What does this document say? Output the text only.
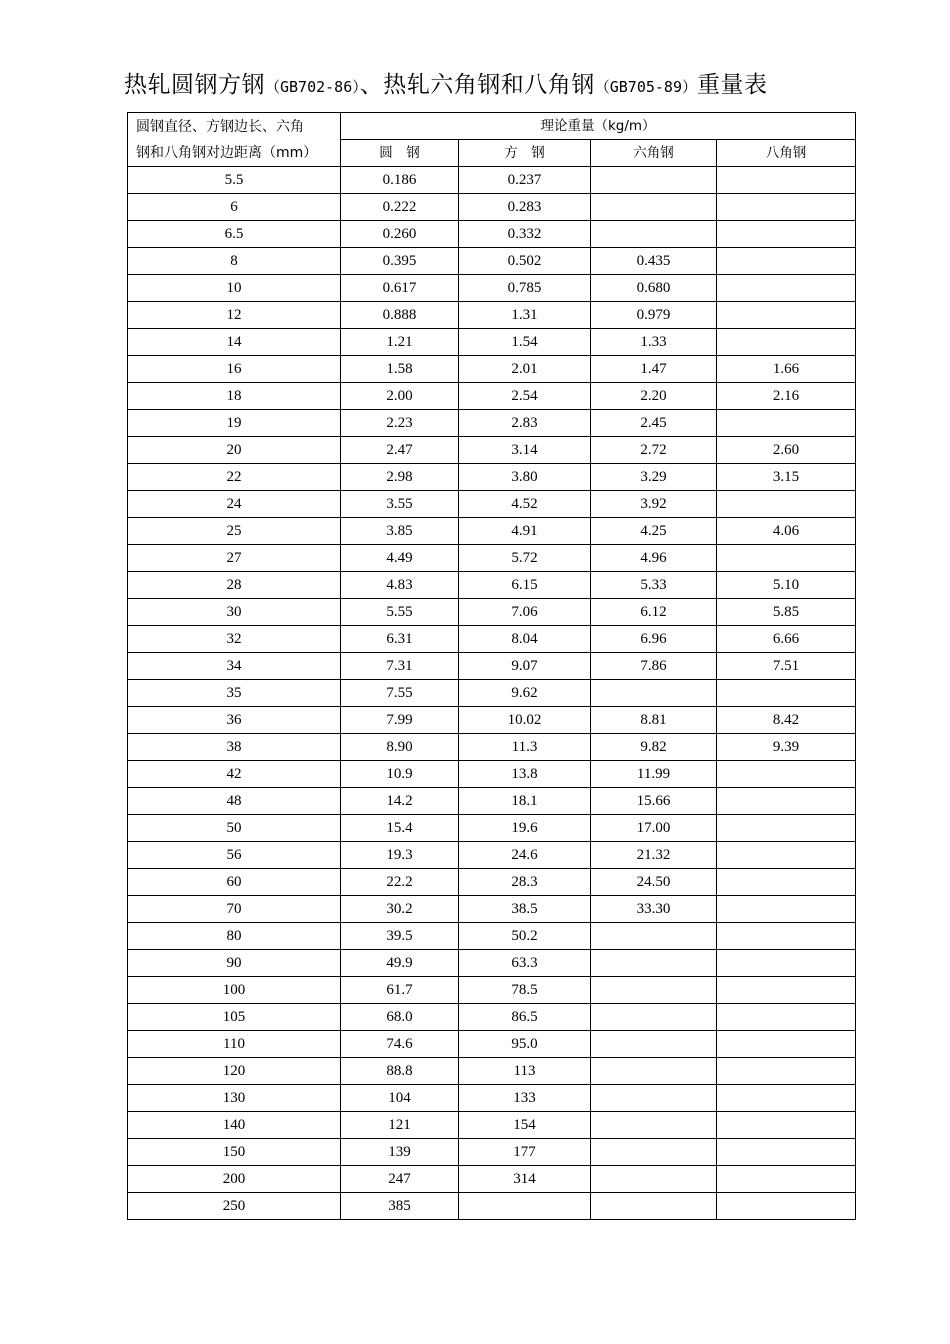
热轧圆钢方钢（GB702-86）、热轧六角钢和八角钢（GB705-89）重量表
圆钢直径、方钢边长、六角
钢和八角钢对边距离（mm）	理论重量（kg/m）			
	圆　钢	方　钢	六角钢	八角钢
5.5	0.186	0.237		
6	0.222	0.283		
6.5	0.260	0.332		
8	0.395	0.502	0.435	
10	0.617	0.785	0.680	
12	0.888	1.31	0.979	
14	1.21	1.54	1.33	
16	1.58	2.01	1.47	1.66
18	2.00	2.54	2.20	2.16
19	2.23	2.83	2.45	
20	2.47	3.14	2.72	2.60
22	2.98	3.80	3.29	3.15
24	3.55	4.52	3.92	
25	3.85	4.91	4.25	4.06
27	4.49	5.72	4.96	
28	4.83	6.15	5.33	5.10
30	5.55	7.06	6.12	5.85
32	6.31	8.04	6.96	6.66
34	7.31	9.07	7.86	7.51
35	7.55	9.62		
36	7.99	10.02	8.81	8.42
38	8.90	11.3	9.82	9.39
42	10.9	13.8	11.99	
48	14.2	18.1	15.66	
50	15.4	19.6	17.00	
56	19.3	24.6	21.32	
60	22.2	28.3	24.50	
70	30.2	38.5	33.30	
80	39.5	50.2		
90	49.9	63.3		
100	61.7	78.5		
105	68.0	86.5		
110	74.6	95.0		
120	88.8	113		
130	104	133		
140	121	154		
150	139	177		
200	247	314		
250	385			
